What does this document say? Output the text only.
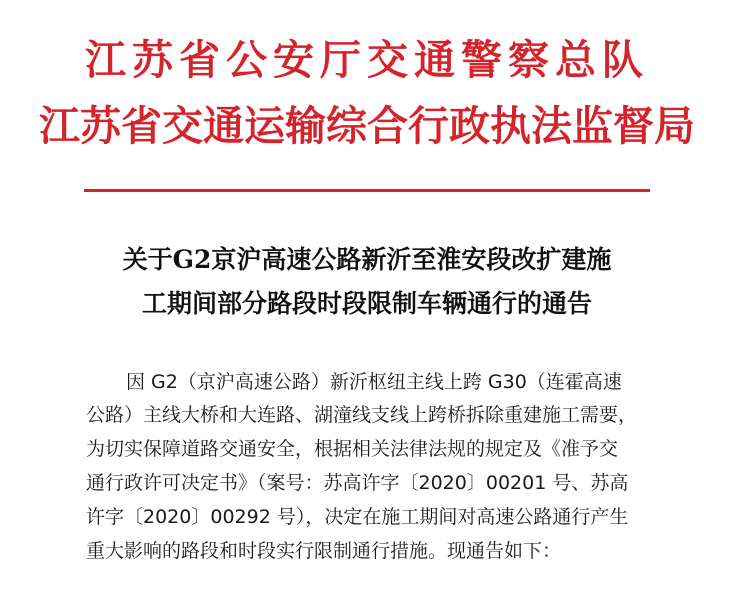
江苏省公安厅交通警察总队
江苏省交通运输综合行政执法监督局
关于G2京沪高速公路新沂至淮安段改扩建施
工期间部分路段时段限制车辆通行的通告
因 G2（京沪高速公路）新沂枢纽主线上跨 G30（连霍高速
公路）主线大桥和大连路、湖潼线支线上跨桥拆除重建施工需要，
为切实保障道路交通安全，根据相关法律法规的规定及《准予交
通行政许可决定书》（案号：苏高许字〔2020〕00201 号、苏高
许字〔2020〕00292 号），决定在施工期间对高速公路通行产生
重大影响的路段和时段实行限制通行措施。现通告如下：
